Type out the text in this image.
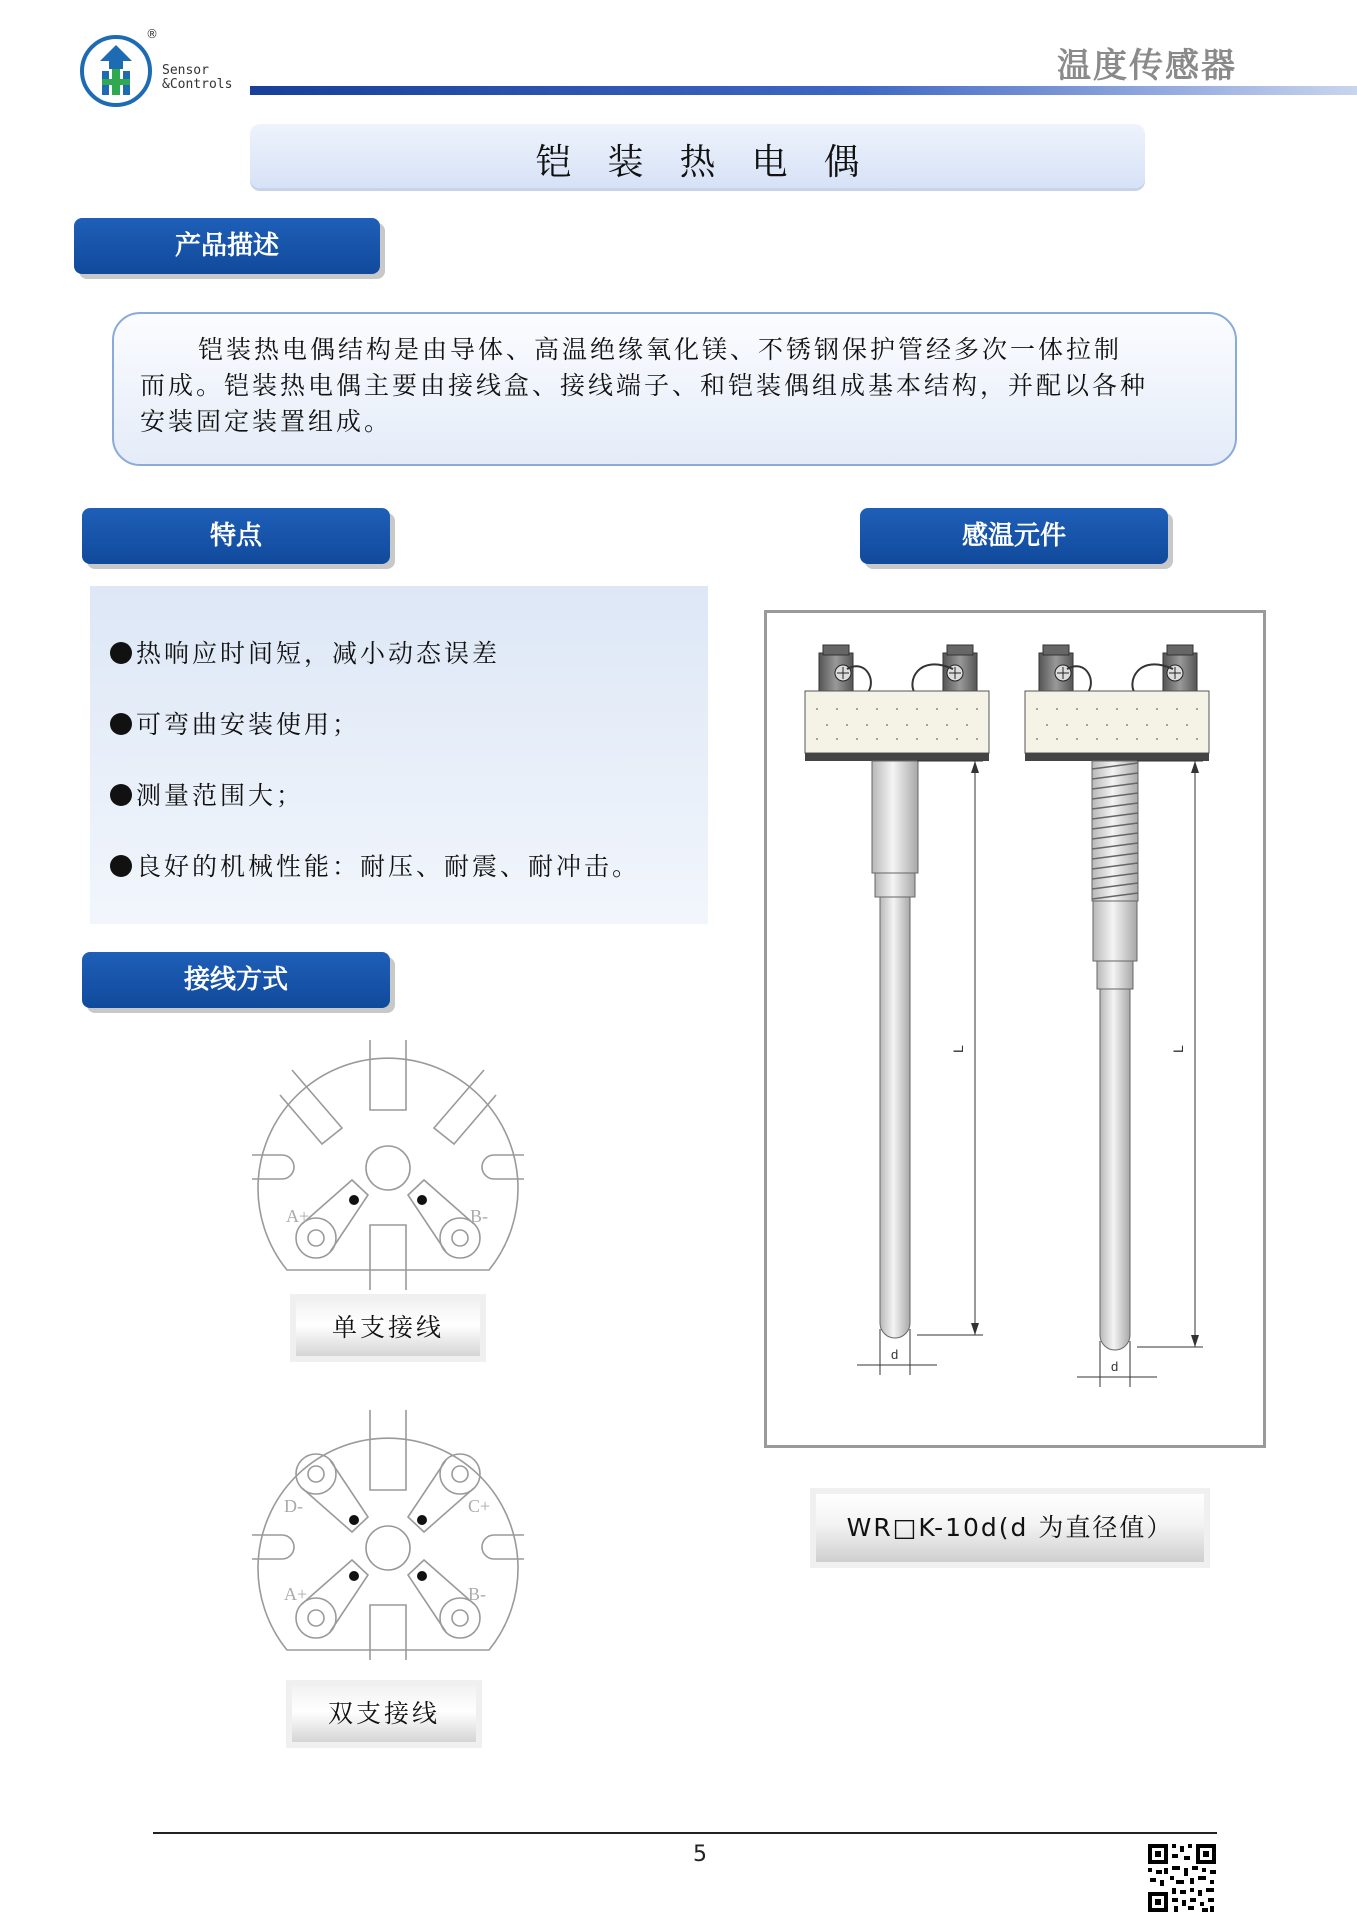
®
Sensor
&Controls	温度传感器
铠装热电偶
产品描述
铠装热电偶结构是由导体、高温绝缘氧化镁、不锈钢保护管经多次一体拉制
而成。铠装热电偶主要由接线盒、接线端子、和铠装偶组成基本结构，并配以各种
安装固定装置组成。
特点	感温元件
热响应时间短，减小动态误差
可弯曲安装使用；
测量范围大；
良好的机械性能：耐压、耐震、耐冲击。
接线方式
A+	B-
单支接线
D-	C+
A+	B-
双支接线
L
d
L
d
WR□K-10d(d 为直径值）
5
